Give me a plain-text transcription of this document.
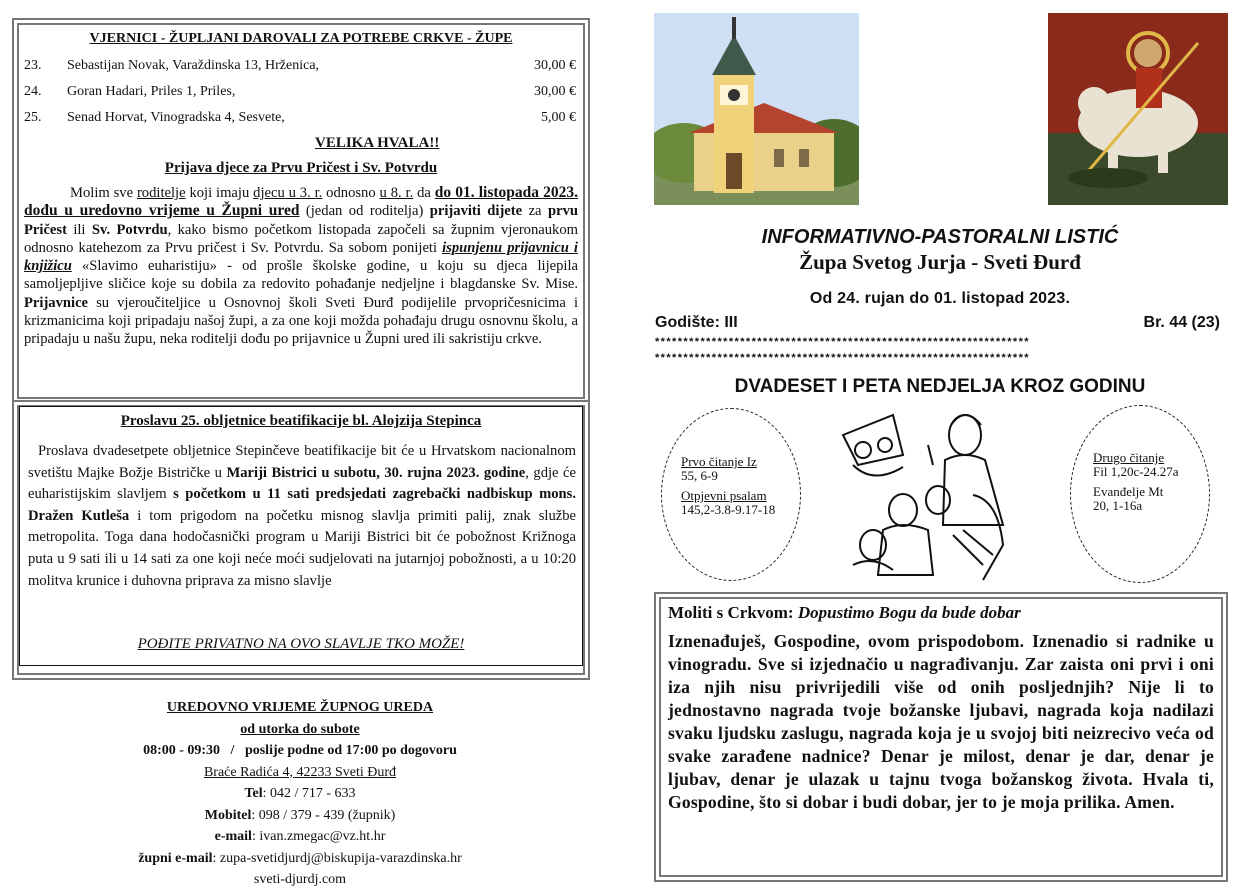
VJERNICI - ŽUPLJANI DAROVALI ZA POTREBE CRKVE - ŽUPE
23. Sebastijan Novak, Varaždinska 13, Hrženica,	30,00 €
24. Goran Hadari, Priles 1, Priles,	30,00 €
25. Senad Horvat, Vinogradska 4, Sesvete,	5,00 €
VELIKA HVALA!!
Prijava djece za Prvu Pričest i Sv. Potvrdu
Molim sve roditelje koji imaju djecu u 3. r. odnosno u 8. r. da do 01. listopada 2023. dođu u uredovno vrijeme u Župni ured (jedan od roditelja) prijaviti dijete za prvu Pričest ili Sv. Potvrdu, kako bismo početkom listopada započeli sa župnim vjeronaukom odnosno katehezom za Prvu pričest i Sv. Potvrdu. Sa sobom ponijeti ispunjenu prijavnicu i knjižicu «Slavimo euharistiju» - od prošle školske godine, u koju su djeca lijepila samoljepljive sličice koje su dobila za redovito pohađanje nedjeljne i blagdanske Sv. Mise. Prijavnice su vjeroučiteljice u Osnovnoj školi Sveti Đurđ podijelile prvopričesnicima i krizmanicima koji pripadaju našoj župi, a za one koji možda pohađaju drugu osnovnu školu, a pripadaju u našu župu, neka roditelji dođu po prijavnice u Župni ured ili sakristiju crkve.
Proslavu 25. obljetnice beatifikacije bl. Alojzija Stepinca
Proslava dvadesetpete obljetnice Stepinčeve beatifikacije bit će u Hrvatskom nacionalnom svetištu Majke Božje Bistričke u Mariji Bistrici u subotu, 30. rujna 2023. godine, gdje će euharistijskim slavljem s početkom u 11 sati predsjedati zagrebački nadbiskup mons. Dražen Kutleša i tom prigodom na početku misnog slavlja primiti palij, znak službe metropolita. Toga dana hodočasnički program u Mariji Bistrici bit će pobožnost Križnoga puta u 9 sati ili u 14 sati za one koji neće moći sudjelovati na jutarnjoj pobožnosti, a u 10:20 molitva krunice i duhovna priprava za misno slavlje
POĐITE PRIVATNO NA OVO SLAVLJE TKO MOŽE!
UREDOVNO VRIJEME ŽUPNOG UREDA
od utorka do subote
08:00 - 09:30   /   poslije podne od 17:00 po dogovoru
Braće Radića 4, 42233 Sveti Đurđ
Tel: 042 / 717 - 633
Mobitel: 098 / 379 - 439 (župnik)
e-mail: ivan.zmegac@vz.ht.hr
župni e-mail: zupa-svetidjurdj@biskupija-varazdinska.hr
sveti-djurdj.com
INFORMATIVNO-PASTORALNI LISTIĆ
Župa Svetog Jurja - Sveti Đurđ
Od 24. rujan do 01. listopad 2023.
Godište: III	Br. 44 (23)
******************************************************************
******************************************************************
DVADESET I PETA NEDJELJA KROZ GODINU
Prvo čitanje Iz
55, 6-9
Otpjevni psalam
145,2-3.8-9.17-18
Drugo čitanje
Fil 1,20c-24.27a
Evanđelje Mt
20, 1-16a
Moliti s Crkvom: Dopustimo Bogu da bude dobar
Iznenađuješ, Gospodine, ovom prispodobom. Iznenadio si radnike u vinogradu. Sve si izjednačio u nagrađivanju. Zar zaista oni prvi i oni iza njih nisu privrijedili više od onih posljednjih? Nije li to jednostavno nagrada tvoje božanske ljubavi, nagrada koja nadilazi svaku ljudsku zaslugu, nagrada koja je u svojoj biti neizrecivo veća od svake zarađene nadnice? Denar je milost, denar je dar, denar je ljubav, denar je ulazak u tajnu tvoga božanskog života. Hvala ti, Gospodine, što si dobar i budi dobar, jer to je moja prilika. Amen.
